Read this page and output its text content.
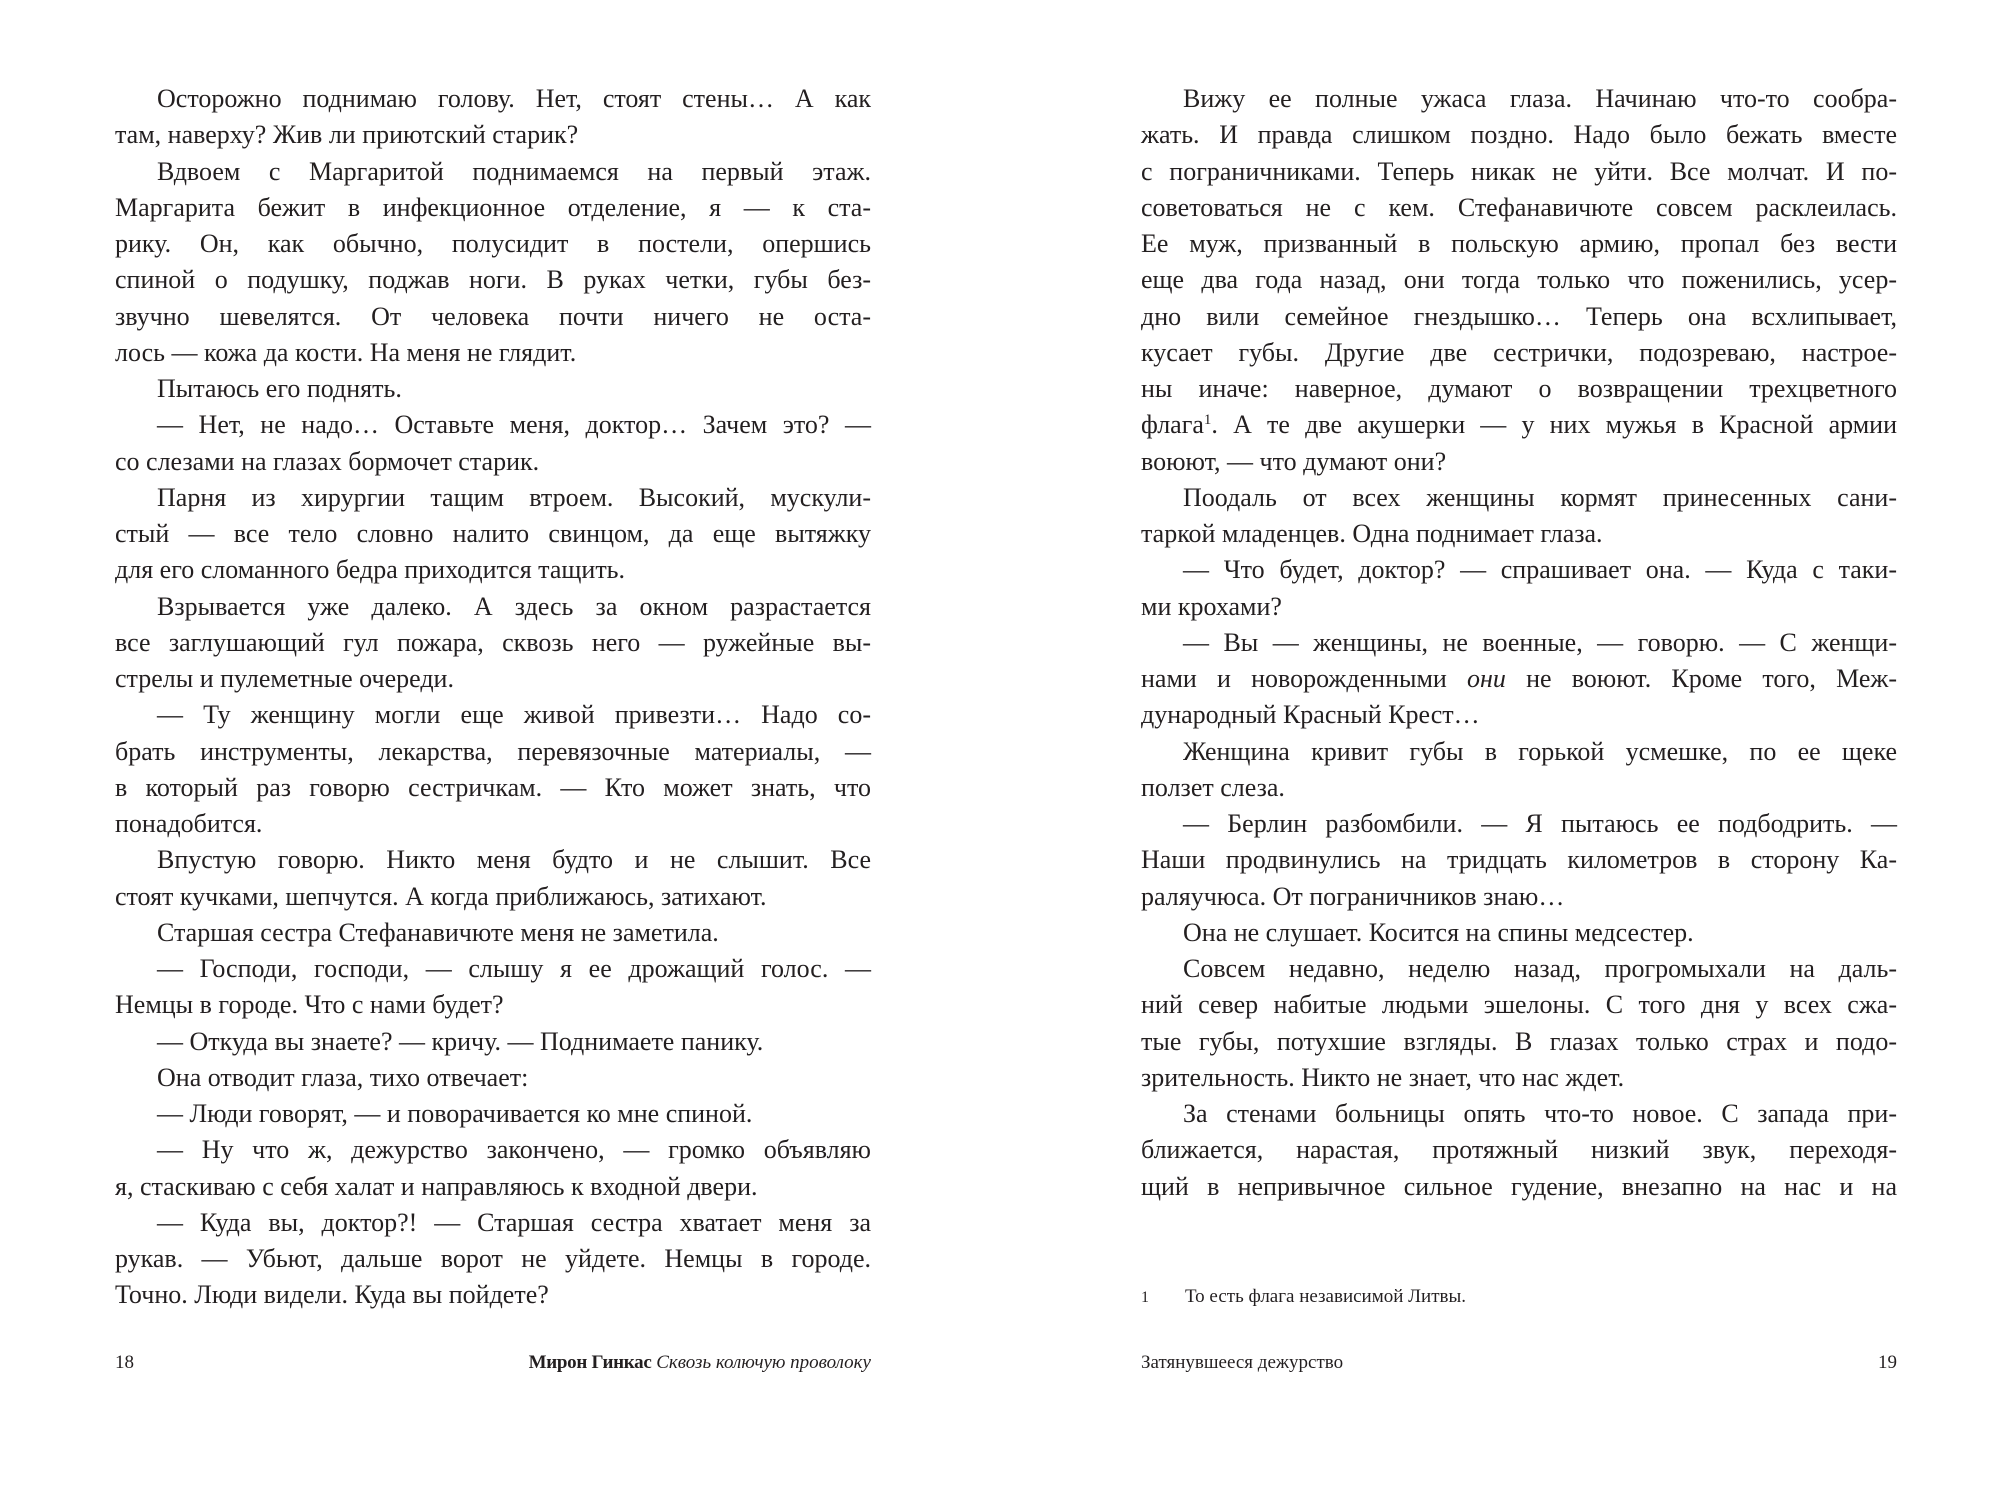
Осторожно поднимаю голову. Нет, стоят стены… А как
там, наверху? Жив ли приютский старик?
Вдвоем с Маргаритой поднимаемся на первый этаж.
Маргарита бежит в инфекционное отделение, я — к ста-
рику. Он, как обычно, полусидит в постели, опершись
спиной о подушку, поджав ноги. В руках четки, губы без-
звучно шевелятся. От человека почти ничего не оста-
лось — кожа да кости. На меня не глядит.
Пытаюсь его поднять.
— Нет, не надо… Оставьте меня, доктор… Зачем это? —
со слезами на глазах бормочет старик.
Парня из хирургии тащим втроем. Высокий, мускули-
стый — все тело словно налито свинцом, да еще вытяжку
для его сломанного бедра приходится тащить.
Взрывается уже далеко. А здесь за окном разрастается
все заглушающий гул пожара, сквозь него — ружейные вы-
стрелы и пулеметные очереди.
— Ту женщину могли еще живой привезти… Надо со-
брать инструменты, лекарства, перевязочные материалы, —
в который раз говорю сестричкам. — Кто может знать, что
понадобится.
Впустую говорю. Никто меня будто и не слышит. Все
стоят кучками, шепчутся. А когда приближаюсь, затихают.
Старшая сестра Стефанавичюте меня не заметила.
— Господи, господи, — слышу я ее дрожащий голос. —
Немцы в городе. Что с нами будет?
— Откуда вы знаете? — кричу. — Поднимаете панику.
Она отводит глаза, тихо отвечает:
— Люди говорят, — и поворачивается ко мне спиной.
— Ну что ж, дежурство закончено, — громко объявляю
я, стаскиваю с себя халат и направляюсь к входной двери.
— Куда вы, доктор?! — Старшая сестра хватает меня за
рукав. — Убьют, дальше ворот не уйдете. Немцы в городе.
Точно. Люди видели. Куда вы пойдете?
Вижу ее полные ужаса глаза. Начинаю что-то сообра-
жать. И правда слишком поздно. Надо было бежать вместе
с пограничниками. Теперь никак не уйти. Все молчат. И по-
советоваться не с кем. Стефанавичюте совсем расклеилась.
Ее муж, призванный в польскую армию, пропал без вести
еще два года назад, они тогда только что поженились, усер-
дно вили семейное гнездышко… Теперь она всхлипывает,
кусает губы. Другие две сестрички, подозреваю, настрое-
ны иначе: наверное, думают о возвращении трехцветного
флага$^1$. А те две акушерки — у них мужья в Красной армии
воюют, — что думают они?
Поодаль от всех женщины кормят принесенных сани-
таркой младенцев. Одна поднимает глаза.
— Что будет, доктор? — спрашивает она. — Куда с таки-
ми крохами?
— Вы — женщины, не военные, — говорю. — С женщи-
нами и новорожденными они не воюют. Кроме того, Меж-
дународный Красный Крест…
Женщина кривит губы в горькой усмешке, по ее щеке
ползет слеза.
— Берлин разбомбили. — Я пытаюсь ее подбодрить. —
Наши продвинулись на тридцать километров в сторону Ка-
раляучюса. От пограничников знаю…
Она не слушает. Косится на спины медсестер.
Совсем недавно, неделю назад, прогромыхали на даль-
ний север набитые людьми эшелоны. С того дня у всех сжа-
тые губы, потухшие взгляды. В глазах только страх и подо-
зрительность. Никто не знает, что нас ждет.
За стенами больницы опять что-то новое. С запада при-
ближается, нарастая, протяжный низкий звук, переходя-
щий в непривычное сильное гудение, внезапно на нас и на
1 То есть флага независимой Литвы.
18	Мирон Гинкас Сквозь колючую проволоку	Затянувшееся дежурство	19
